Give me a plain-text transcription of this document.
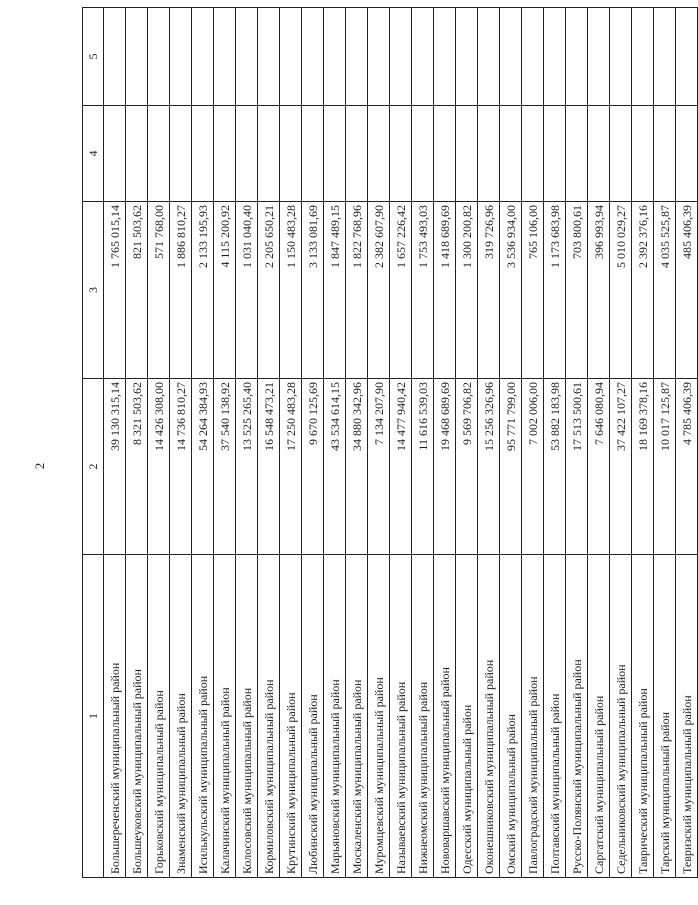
2
1	2	3	4	5
Большереченский муниципальный район	39 130 315,14	1 765 015,14		
Большеуковский муниципальный район	8 321 503,62	821 503,62		
Горьковский муниципальный район	14 426 308,00	571 768,00		
Знаменский муниципальный район	14 736 810,27	1 886 810,27		
Исилькульский муниципальный район	54 264 384,93	2 133 195,93		
Калачинский муниципальный район	37 540 138,92	4 115 200,92		
Колосовский муниципальный район	13 525 265,40	1 031 040,40		
Кормиловский муниципальный район	16 548 473,21	2 205 650,21		
Крутинский муниципальный район	17 250 483,28	1 150 483,28		
Любинский муниципальный район	9 670 125,69	3 133 081,69		
Марьяновский муниципальный район	43 534 614,15	1 847 489,15		
Москаленский муниципальный район	34 880 342,96	1 822 768,96		
Муромцевский муниципальный район	7 134 207,90	2 382 607,90		
Называевский муниципальный район	14 477 940,42	1 657 226,42		
Нижнеомский муниципальный район	11 616 539,03	1 753 493,03		
Нововаршавский муниципальный район	19 468 689,69	1 418 689,69		
Одесский муниципальный район	9 569 706,82	1 300 200,82		
Оконешниковский муниципальный район	15 256 326,96	319 726,96		
Омский муниципальный район	95 771 799,00	3 536 934,00		
Павлоградский муниципальный район	7 002 006,00	765 106,00		
Полтавский муниципальный район	53 882 183,98	1 173 683,98		
Русско-Полянский муниципальный район	17 513 500,61	703 800,61		
Саргатский муниципальный район	7 646 080,94	396 993,94		
Седельниковский муниципальный район	37 422 107,27	5 010 029,27		
Таврический муниципальный район	18 169 378,16	2 392 376,16		
Тарский муниципальный район	10 017 125,87	4 035 525,87		
Тевризский муниципальный район	4 785 406,39	485 406,39		
